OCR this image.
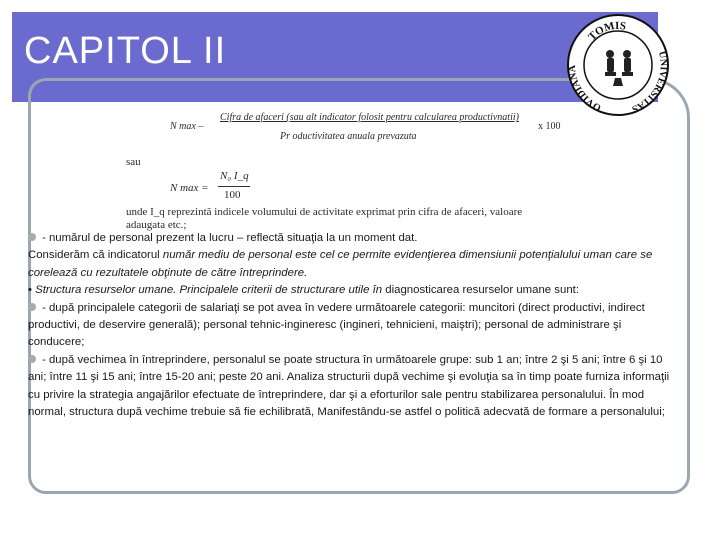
CAPITOL II	TOMIS
OVIDIANA
UNIVERSITAS
N max –
Cifra de afaceri (sau alt indicator folosit pentru calcularea productivnatii)
Pr oductivitatea anuala prevazuta
x 100
sau
N max =
N₀ I_q
100
unde I_q reprezintă indicele volumului de activitate exprimat prin cifra de afaceri, valoare adaugata etc.;

- numărul de personal prezent la lucru – reflectă situaţia la un moment dat.

Considerăm că indicatorul număr mediu de personal este cel ce permite evidenţierea dimensiunii potenţialului uman care se corelează cu rezultatele obţinute de către întreprindere.

• Structura resurselor umane. Principalele criterii de structurare utile în diagnosticarea resurselor umane sunt:

- după principalele categorii de salariaţi se pot avea în vedere următoarele categorii: muncitori (direct productivi, indirect productivi, de deservire generală); personal tehnic-ingineresc (ingineri, tehnicieni, maiştri); personal de administrare şi conducere;

- după vechimea în întreprindere, personalul se poate structura în următoarele grupe: sub 1 an; între 2 şi 5 ani; între 6 şi 10 ani; între 11 şi 15 ani; între 15-20 ani; peste 20 ani. Analiza structurii după vechime şi evoluţia sa în timp poate furniza informaţii cu privire la strategia angajărilor efectuate de întreprindere, dar şi a eforturilor sale pentru stabilizarea personalului. În mod normal, structura după vechime trebuie să fie echilibrată, Manifestându-se astfel o politică adecvată de formare a personalului;
